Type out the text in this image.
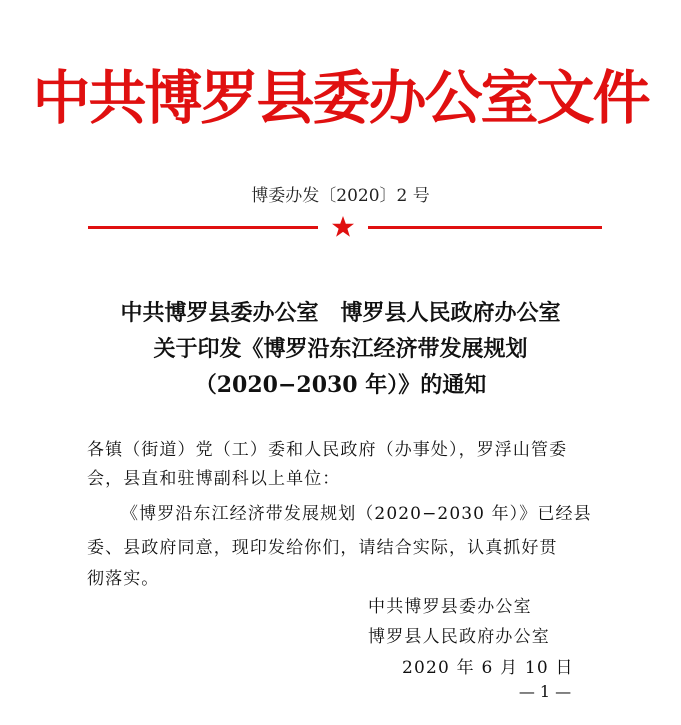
中共博罗县委办公室文件
博委办发〔2020〕2 号
中共博罗县委办公室　博罗县人民政府办公室
关于印发《博罗沿东江经济带发展规划
（2020−2030 年）》的通知
各镇（街道）党（工）委和人民政府（办事处），罗浮山管委
会，县直和驻博副科以上单位：
《博罗沿东江经济带发展规划（2020−2030 年）》已经县
委、县政府同意，现印发给你们，请结合实际，认真抓好贯
彻落实。
中共博罗县委办公室
博罗县人民政府办公室
2020 年 6 月 10 日
— 1 —
